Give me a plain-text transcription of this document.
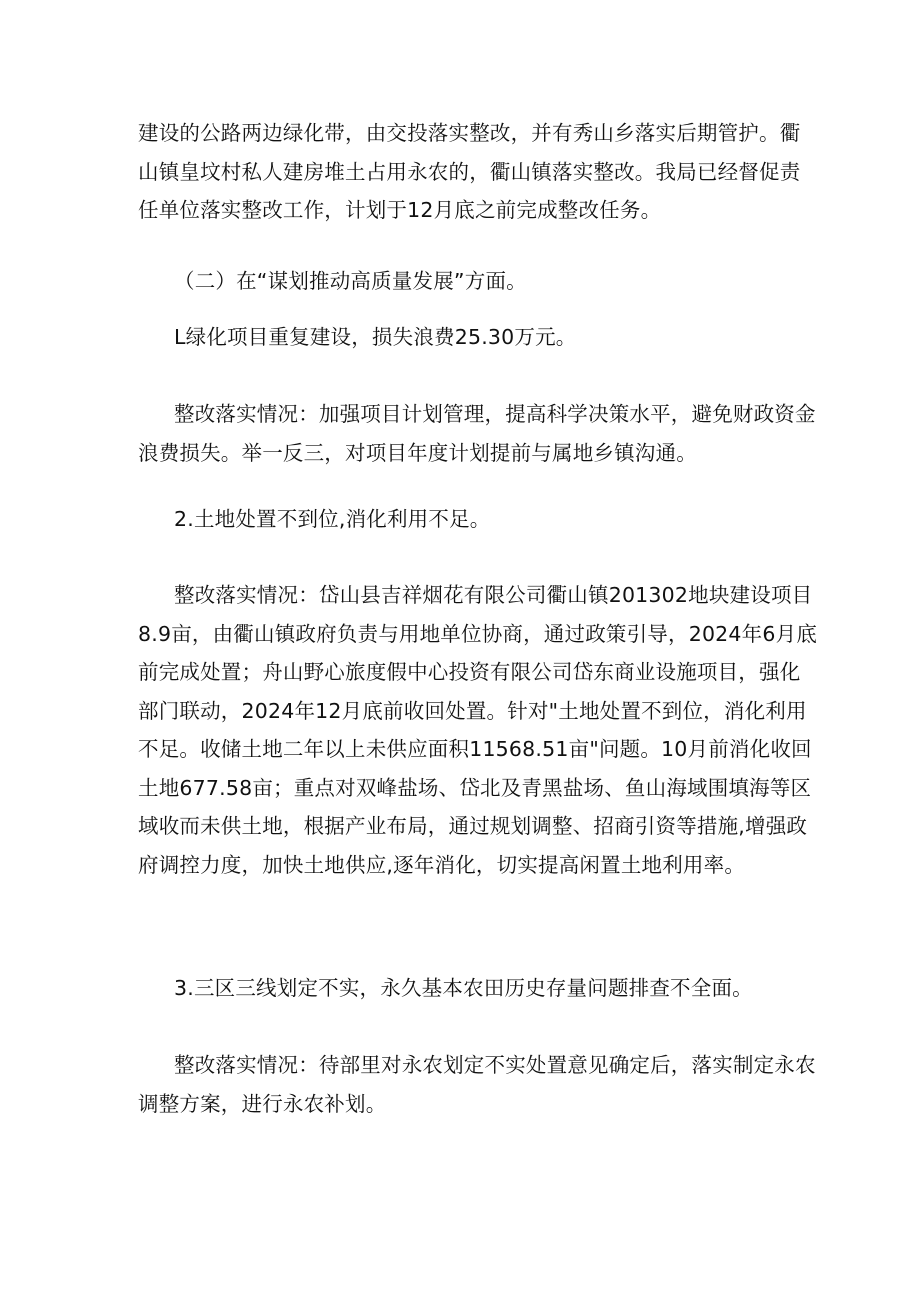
建设的公路两边绿化带，由交投落实整改，并有秀山乡落实后期管护。衢
山镇皇坟村私人建房堆土占用永农的，衢山镇落实整改。我局已经督促责
任单位落实整改工作，计划于12月底之前完成整改任务。

（二）在“谋划推动高质量发展”方面。

L绿化项目重复建设，损失浪费25.30万元。

整改落实情况：加强项目计划管理，提高科学决策水平，避免财政资金
浪费损失。举一反三，对项目年度计划提前与属地乡镇沟通。

2.土地处置不到位,消化利用不足。

整改落实情况：岱山县吉祥烟花有限公司衢山镇201302地块建设项目
8.9亩，由衢山镇政府负责与用地单位协商，通过政策引导，2024年6月底
前完成处置；舟山野心旅度假中心投资有限公司岱东商业设施项目，强化
部门联动，2024年12月底前收回处置。针对"土地处置不到位，消化利用
不足。收储土地二年以上未供应面积11568.51亩"问题。10月前消化收回
土地677.58亩；重点对双峰盐场、岱北及青黑盐场、鱼山海域围填海等区
域收而未供土地，根据产业布局，通过规划调整、招商引资等措施,增强政
府调控力度，加快土地供应,逐年消化，切实提高闲置土地利用率。

3.三区三线划定不实，永久基本农田历史存量问题排查不全面。

整改落实情况：待部里对永农划定不实处置意见确定后，落实制定永农
调整方案，进行永农补划。
